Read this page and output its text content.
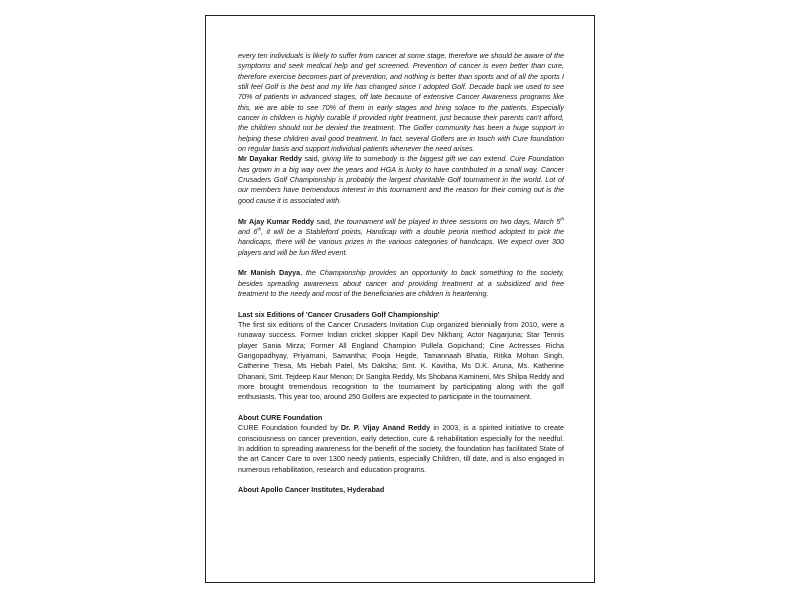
every ten individuals is likely to suffer from cancer at some stage, therefore we should be aware of the symptoms and seek medical help and get screened. Prevention of cancer is even better than cure, therefore exercise becomes part of prevention, and nothing is better than sports and of all the sports I still feel Golf is the best and my life has changed since I adopted Golf. Decade back we used to see 70% of patients in advanced stages, off late because of extensive Cancer Awareness programs like this, we are able to see 70% of them in early stages and bring solace to the patients. Especially cancer in children is highly curable if provided right treatment, just because their parents can't afford, the children should not be denied the treatment. The Golfer community has been a huge support in helping these children avail good treatment. In fact, several Golfers are in touch with Cure foundation on regular basis and support individual patients whenever the need arises.

Mr Dayakar Reddy said, giving life to somebody is the biggest gift we can extend. Cure Foundation has grown in a big way over the years and HGA is lucky to have contributed in a small way. Cancer Crusaders Golf Championship is probably the largest charitable Golf tournament in the world. Lot of our members have tremendous interest in this tournament and the reason for their coming out is the good cause it is associated with.

Mr Ajay Kumar Reddy said, the tournament will be played in three sessions on two days, March 5th and 6th, it will be a Stableford points, Handicap with a double peoria method adopted to pick the handicaps, there will be various prizes in the various categories of handicaps. We expect over 300 players and will be fun filled event.

Mr Manish Dayya, the Championship provides an opportunity to back something to the society, besides spreading awareness about cancer and providing treatment at a subsidized and free treatment to the needy and most of the beneficiaries are children is heartening.

Last six Editions of 'Cancer Crusaders Golf Championship'

The first six editions of the Cancer Crusaders Invitation Cup organized biennially from 2010, were a runaway success. Former Indian cricket skipper Kapil Dev Nikhanj; Actor Nagarjuna; Star Tennis player Sania Mirza; Former All England Champion Pullela Gopichand; Cine Actresses Richa Gangopadhyay, Priyamani, Samantha; Pooja Hegde, Tamannaah Bhatia, Ritika Mohan Singh, Catherine Tresa, Ms Hebah Patel, Ms Daksha; Smt. K. Kavitha, Ms D.K. Aruna, Ms. Katherine Dhanani, Smt. Tejdeep Kaur Menon; Dr Sangita Reddy, Ms Shobana Kamineni, Mrs Shilpa Reddy and more brought tremendous recognition to the tournament by participating along with the golf enthusiasts. This year too, around 250 Golfers are expected to participate in the tournament.

About CURE Foundation

CURE Foundation founded by Dr. P. Vijay Anand Reddy in 2003, is a spirited initiative to create consciousness on cancer prevention, early detection, cure & rehabilitation especially for the needful. In addition to spreading awareness for the benefit of the society, the foundation has facilitated State of the art Cancer Care to over 1300 needy patients, especially Children, till date, and is also engaged in numerous rehabilitation, research and education programs.

About Apollo Cancer Institutes, Hyderabad
